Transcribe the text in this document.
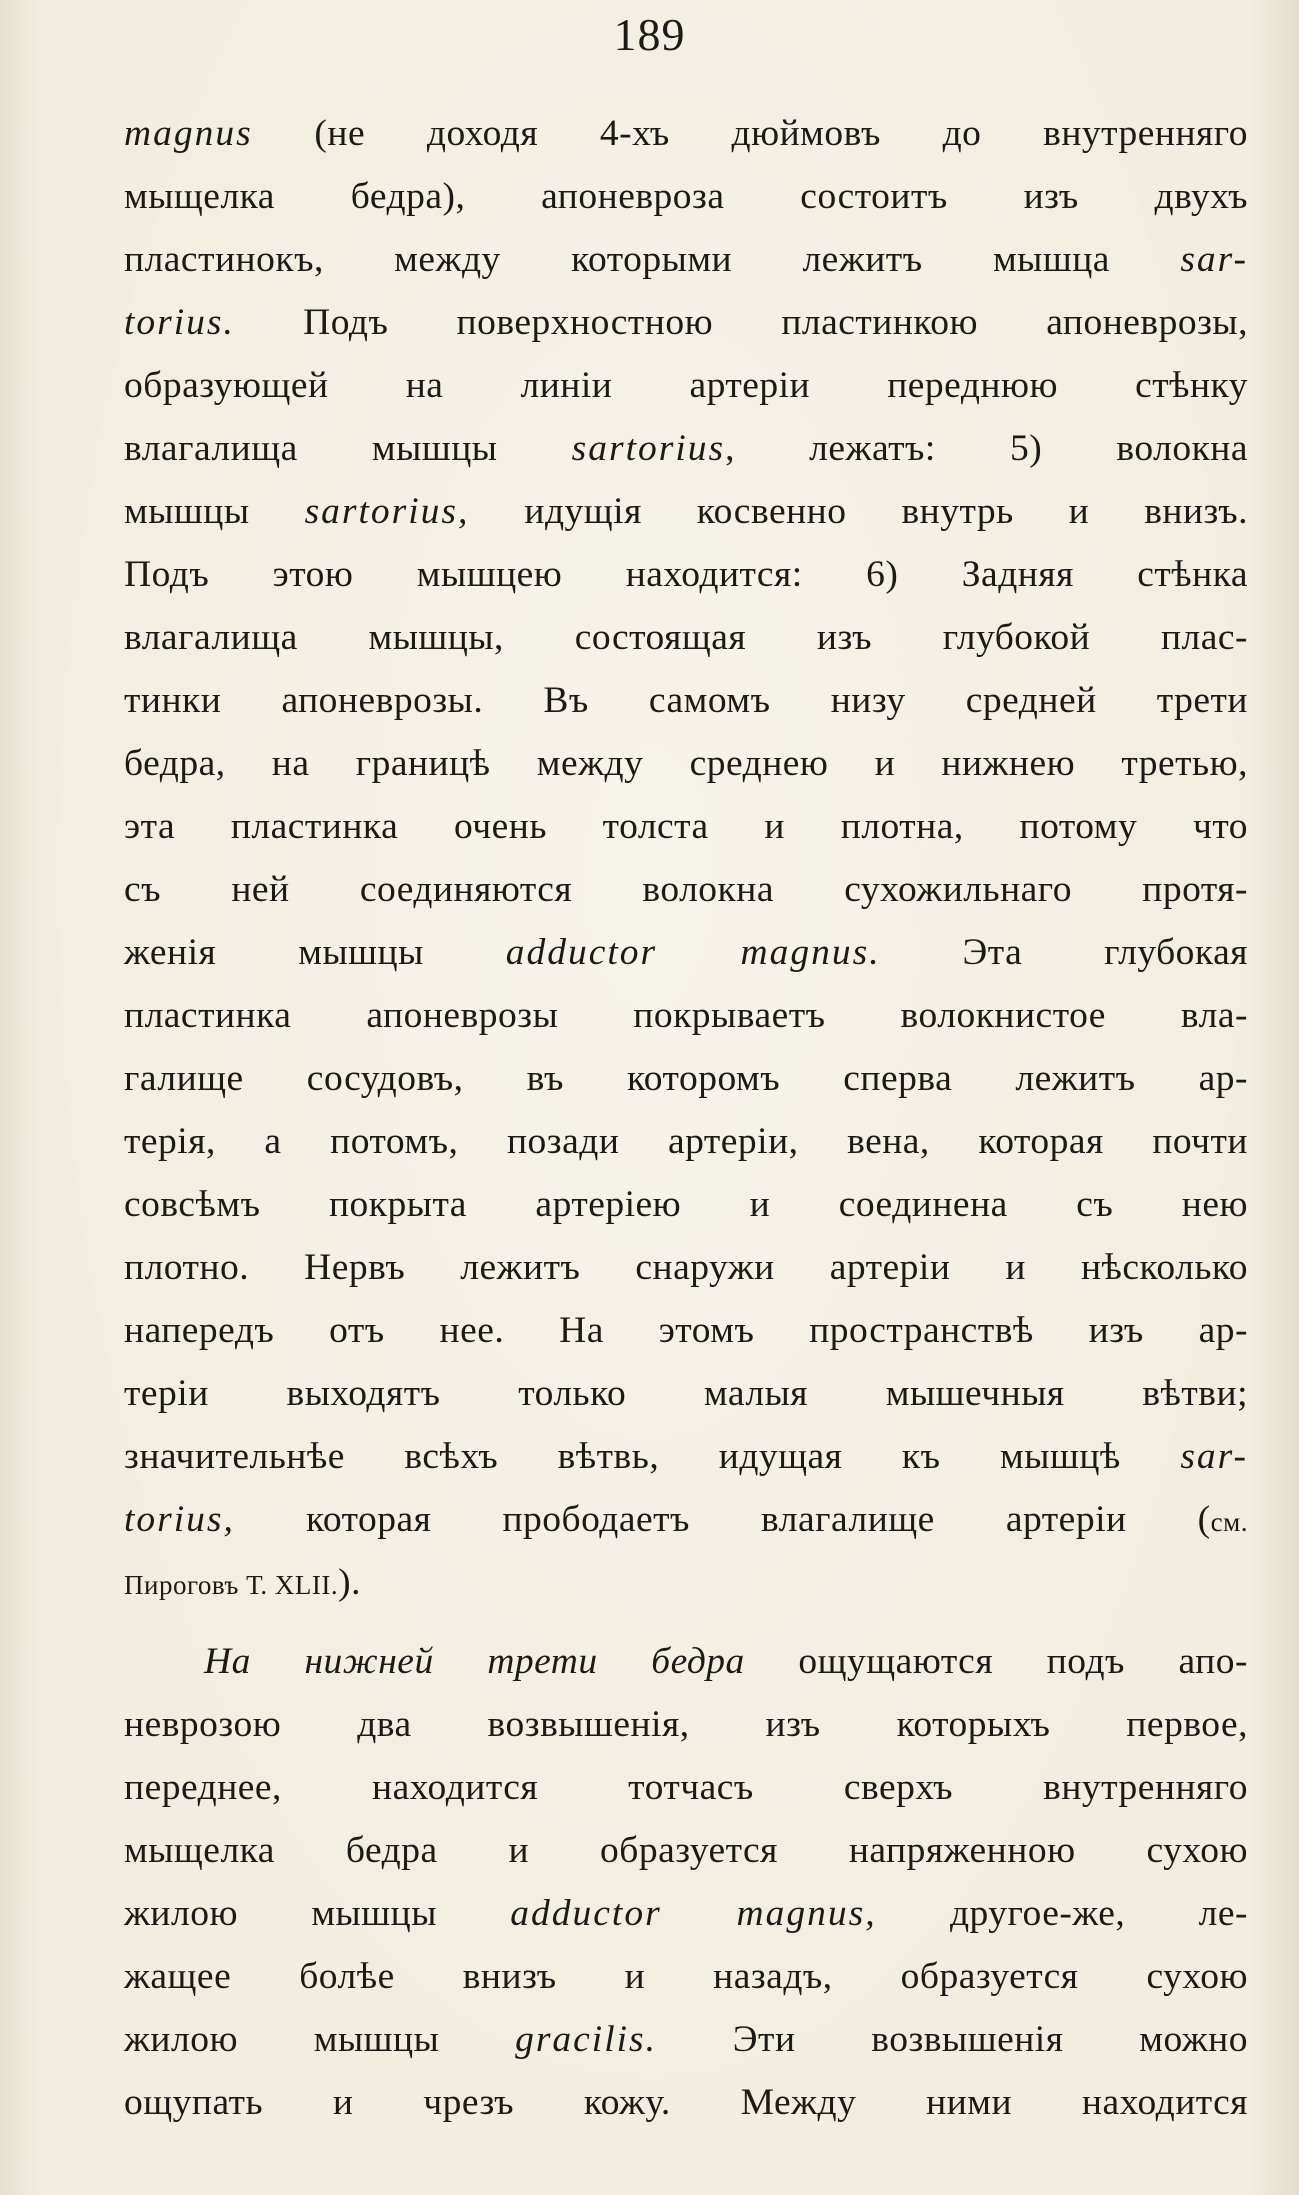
189
magnus (не доходя 4-хъ дюймовъ до внутренняго
мыщелка бедра), апоневроза состоитъ изъ двухъ
пластинокъ, между которыми лежитъ мышца sar-
torius. Подъ поверхностною пластинкою апоневрозы,
образующей на линіи артеріи переднюю стѣнку
влагалища мышцы sartorius, лежатъ: 5) волокна
мышцы sartorius, идущія косвенно внутрь и внизъ.
Подъ этою мышцею находится: 6) Задняя стѣнка
влагалища мышцы, состоящая изъ глубокой плас-
тинки апоневрозы. Въ самомъ низу средней трети
бедра, на границѣ между среднею и нижнею третью,
эта пластинка очень толста и плотна, потому что
съ ней соединяются волокна сухожильнаго протя-
женія мышцы adductor magnus. Эта глубокая
пластинка апоневрозы покрываетъ волокнистое вла-
галище сосудовъ, въ которомъ сперва лежитъ ар-
терія, а потомъ, позади артеріи, вена, которая почти
совсѣмъ покрыта артеріею и соединена съ нею
плотно. Нервъ лежитъ снаружи артеріи и нѣсколько
напередъ отъ нее. На этомъ пространствѣ изъ ар-
теріи выходятъ только малыя мышечныя вѣтви;
значительнѣе всѣхъ вѣтвь, идущая къ мышцѣ sar-
torius, которая прободаетъ влагалище артеріи (см.
Пироговъ Т. XLII.).
На нижней трети бедра ощущаются подъ апо-
неврозою два возвышенія, изъ которыхъ первое,
переднее, находится тотчасъ сверхъ внутренняго
мыщелка бедра и образуется напряженною сухою
жилою мышцы adductor magnus, другое-же, ле-
жащее болѣе внизъ и назадъ, образуется сухою
жилою мышцы gracilis. Эти возвышенія можно
ощупать и чрезъ кожу. Между ними находится
